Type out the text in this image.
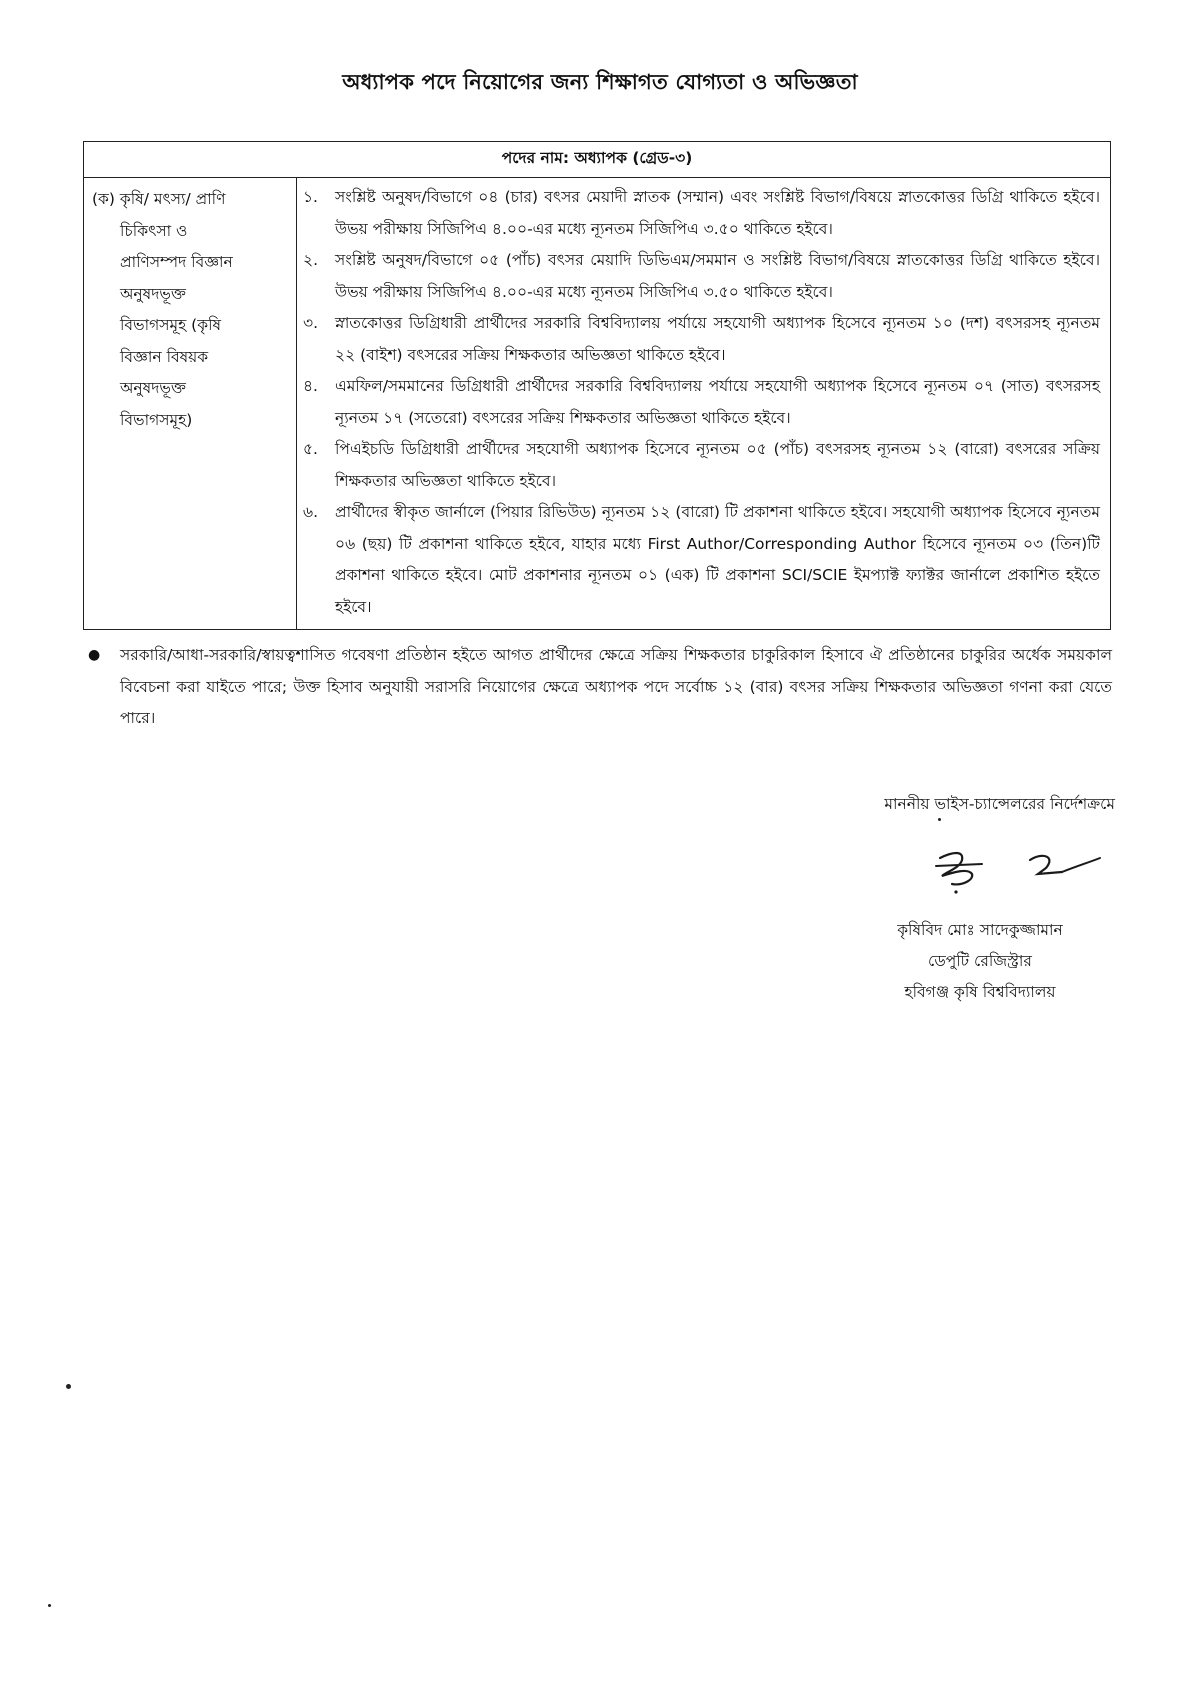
অধ্যাপক পদে নিয়োগের জন্য শিক্ষাগত যোগ্যতা ও অভিজ্ঞতা
পদের নাম: অধ্যাপক (গ্রেড-৩)

(ক) কৃষি/ মৎস্য/ প্রাণি
চিকিৎসা ও
প্রাণিসম্পদ বিজ্ঞান
অনুষদভূক্ত
বিভাগসমূহ (কৃষি
বিজ্ঞান বিষয়ক
অনুষদভূক্ত
বিভাগসমূহ)

১.	সংশ্লিষ্ট অনুষদ/বিভাগে ০৪ (চার) বৎসর মেয়াদী স্নাতক (সম্মান) এবং সংশ্লিষ্ট বিভাগ/বিষয়ে স্নাতকোত্তর ডিগ্রি থাকিতে হইবে। উভয় পরীক্ষায় সিজিপিএ ৪.০০-এর মধ্যে ন্যূনতম সিজিপিএ ৩.৫০ থাকিতে হইবে।
২.	সংশ্লিষ্ট অনুষদ/বিভাগে ০৫ (পাঁচ) বৎসর মেয়াদি ডিভিএম/সমমান ও সংশ্লিষ্ট বিভাগ/বিষয়ে স্নাতকোত্তর ডিগ্রি থাকিতে হইবে। উভয় পরীক্ষায় সিজিপিএ ৪.০০-এর মধ্যে ন্যূনতম সিজিপিএ ৩.৫০ থাকিতে হইবে।
৩.	স্নাতকোত্তর ডিগ্রিধারী প্রার্থীদের সরকারি বিশ্ববিদ্যালয় পর্যায়ে সহযোগী অধ্যাপক হিসেবে ন্যূনতম ১০ (দশ) বৎসরসহ ন্যূনতম ২২ (বাইশ) বৎসরের সক্রিয় শিক্ষকতার অভিজ্ঞতা থাকিতে হইবে।
৪.	এমফিল/সমমানের ডিগ্রিধারী প্রার্থীদের সরকারি বিশ্ববিদ্যালয় পর্যায়ে সহযোগী অধ্যাপক হিসেবে ন্যূনতম ০৭ (সাত) বৎসরসহ ন্যূনতম ১৭ (সতেরো) বৎসরের সক্রিয় শিক্ষকতার অভিজ্ঞতা থাকিতে হইবে।
৫.	পিএইচডি ডিগ্রিধারী প্রার্থীদের সহযোগী অধ্যাপক হিসেবে ন্যূনতম ০৫ (পাঁচ) বৎসরসহ ন্যূনতম ১২ (বারো) বৎসরের সক্রিয় শিক্ষকতার অভিজ্ঞতা থাকিতে হইবে।
৬.	প্রার্থীদের স্বীকৃত জার্নালে (পিয়ার রিভিউড) ন্যূনতম ১২ (বারো) টি প্রকাশনা থাকিতে হইবে। সহযোগী অধ্যাপক হিসেবে ন্যূনতম ০৬ (ছয়) টি প্রকাশনা থাকিতে হইবে, যাহার মধ্যে First Author/Corresponding Author হিসেবে ন্যূনতম ০৩ (তিন)টি প্রকাশনা থাকিতে হইবে। মোট প্রকাশনার ন্যূনতম ০১ (এক) টি প্রকাশনা SCI/SCIE ইমপ্যাক্ট ফ্যাক্টর জার্নালে প্রকাশিত হইতে হইবে।
●	সরকারি/আধা-সরকারি/স্বায়ত্বশাসিত গবেষণা প্রতিষ্ঠান হইতে আগত প্রার্থীদের ক্ষেত্রে সক্রিয় শিক্ষকতার চাকুরিকাল হিসাবে ঐ প্রতিষ্ঠানের চাকুরির অর্ধেক সময়কাল বিবেচনা করা যাইতে পারে; উক্ত হিসাব অনুযায়ী সরাসরি নিয়োগের ক্ষেত্রে অধ্যাপক পদে সর্বোচ্চ ১২ (বার) বৎসর সক্রিয় শিক্ষকতার অভিজ্ঞতা গণনা করা যেতে পারে।
মাননীয় ভাইস-চ্যান্সেলরের নির্দেশক্রমে
কৃষিবিদ মোঃ সাদেকুজ্জামান
ডেপুটি রেজিস্ট্রার
হবিগঞ্জ কৃষি বিশ্ববিদ্যালয়
